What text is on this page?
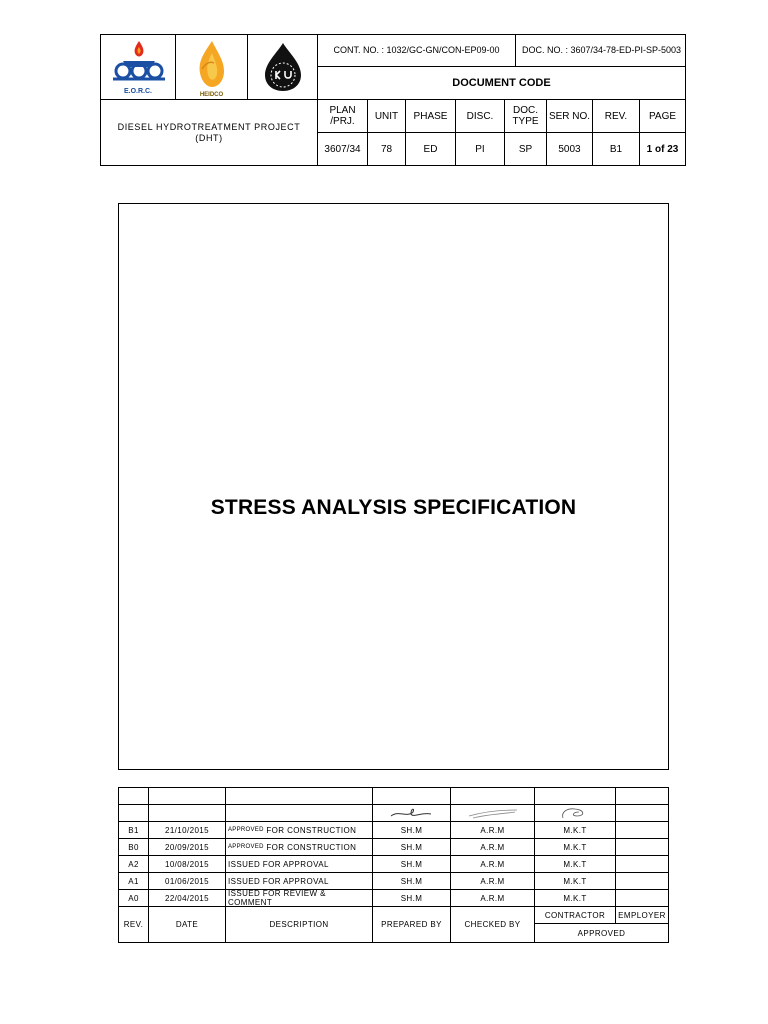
E.O.R.C.	HEIDCO
CONT. NO. : 1032/GC-GN/CON-EP09-00	DOC. NO. : 3607/34-78-ED-PI-SP-5003
DOCUMENT CODE
DIESEL HYDROTREATMENT PROJECT
(DHT)
PLAN /PRJ.	UNIT	PHASE	DISC.	DOC. TYPE	SER NO.	REV.	PAGE
3607/34	78	ED	PI	SP	5003	B1	1 of 23
STRESS ANALYSIS SPECIFICATION
B1	21/10/2015	APPROVED FOR CONSTRUCTION	SH.M	A.R.M	M.K.T
B0	20/09/2015	APPROVED FOR CONSTRUCTION	SH.M	A.R.M	M.K.T
A2	10/08/2015	ISSUED FOR APPROVAL	SH.M	A.R.M	M.K.T
A1	01/06/2015	ISSUED FOR APPROVAL	SH.M	A.R.M	M.K.T
A0	22/04/2015	ISSUED FOR REVIEW & COMMENT	SH.M	A.R.M	M.K.T
REV.	DATE	DESCRIPTION	PREPARED BY	CHECKED BY
CONTRACTOR	EMPLOYER
APPROVED
